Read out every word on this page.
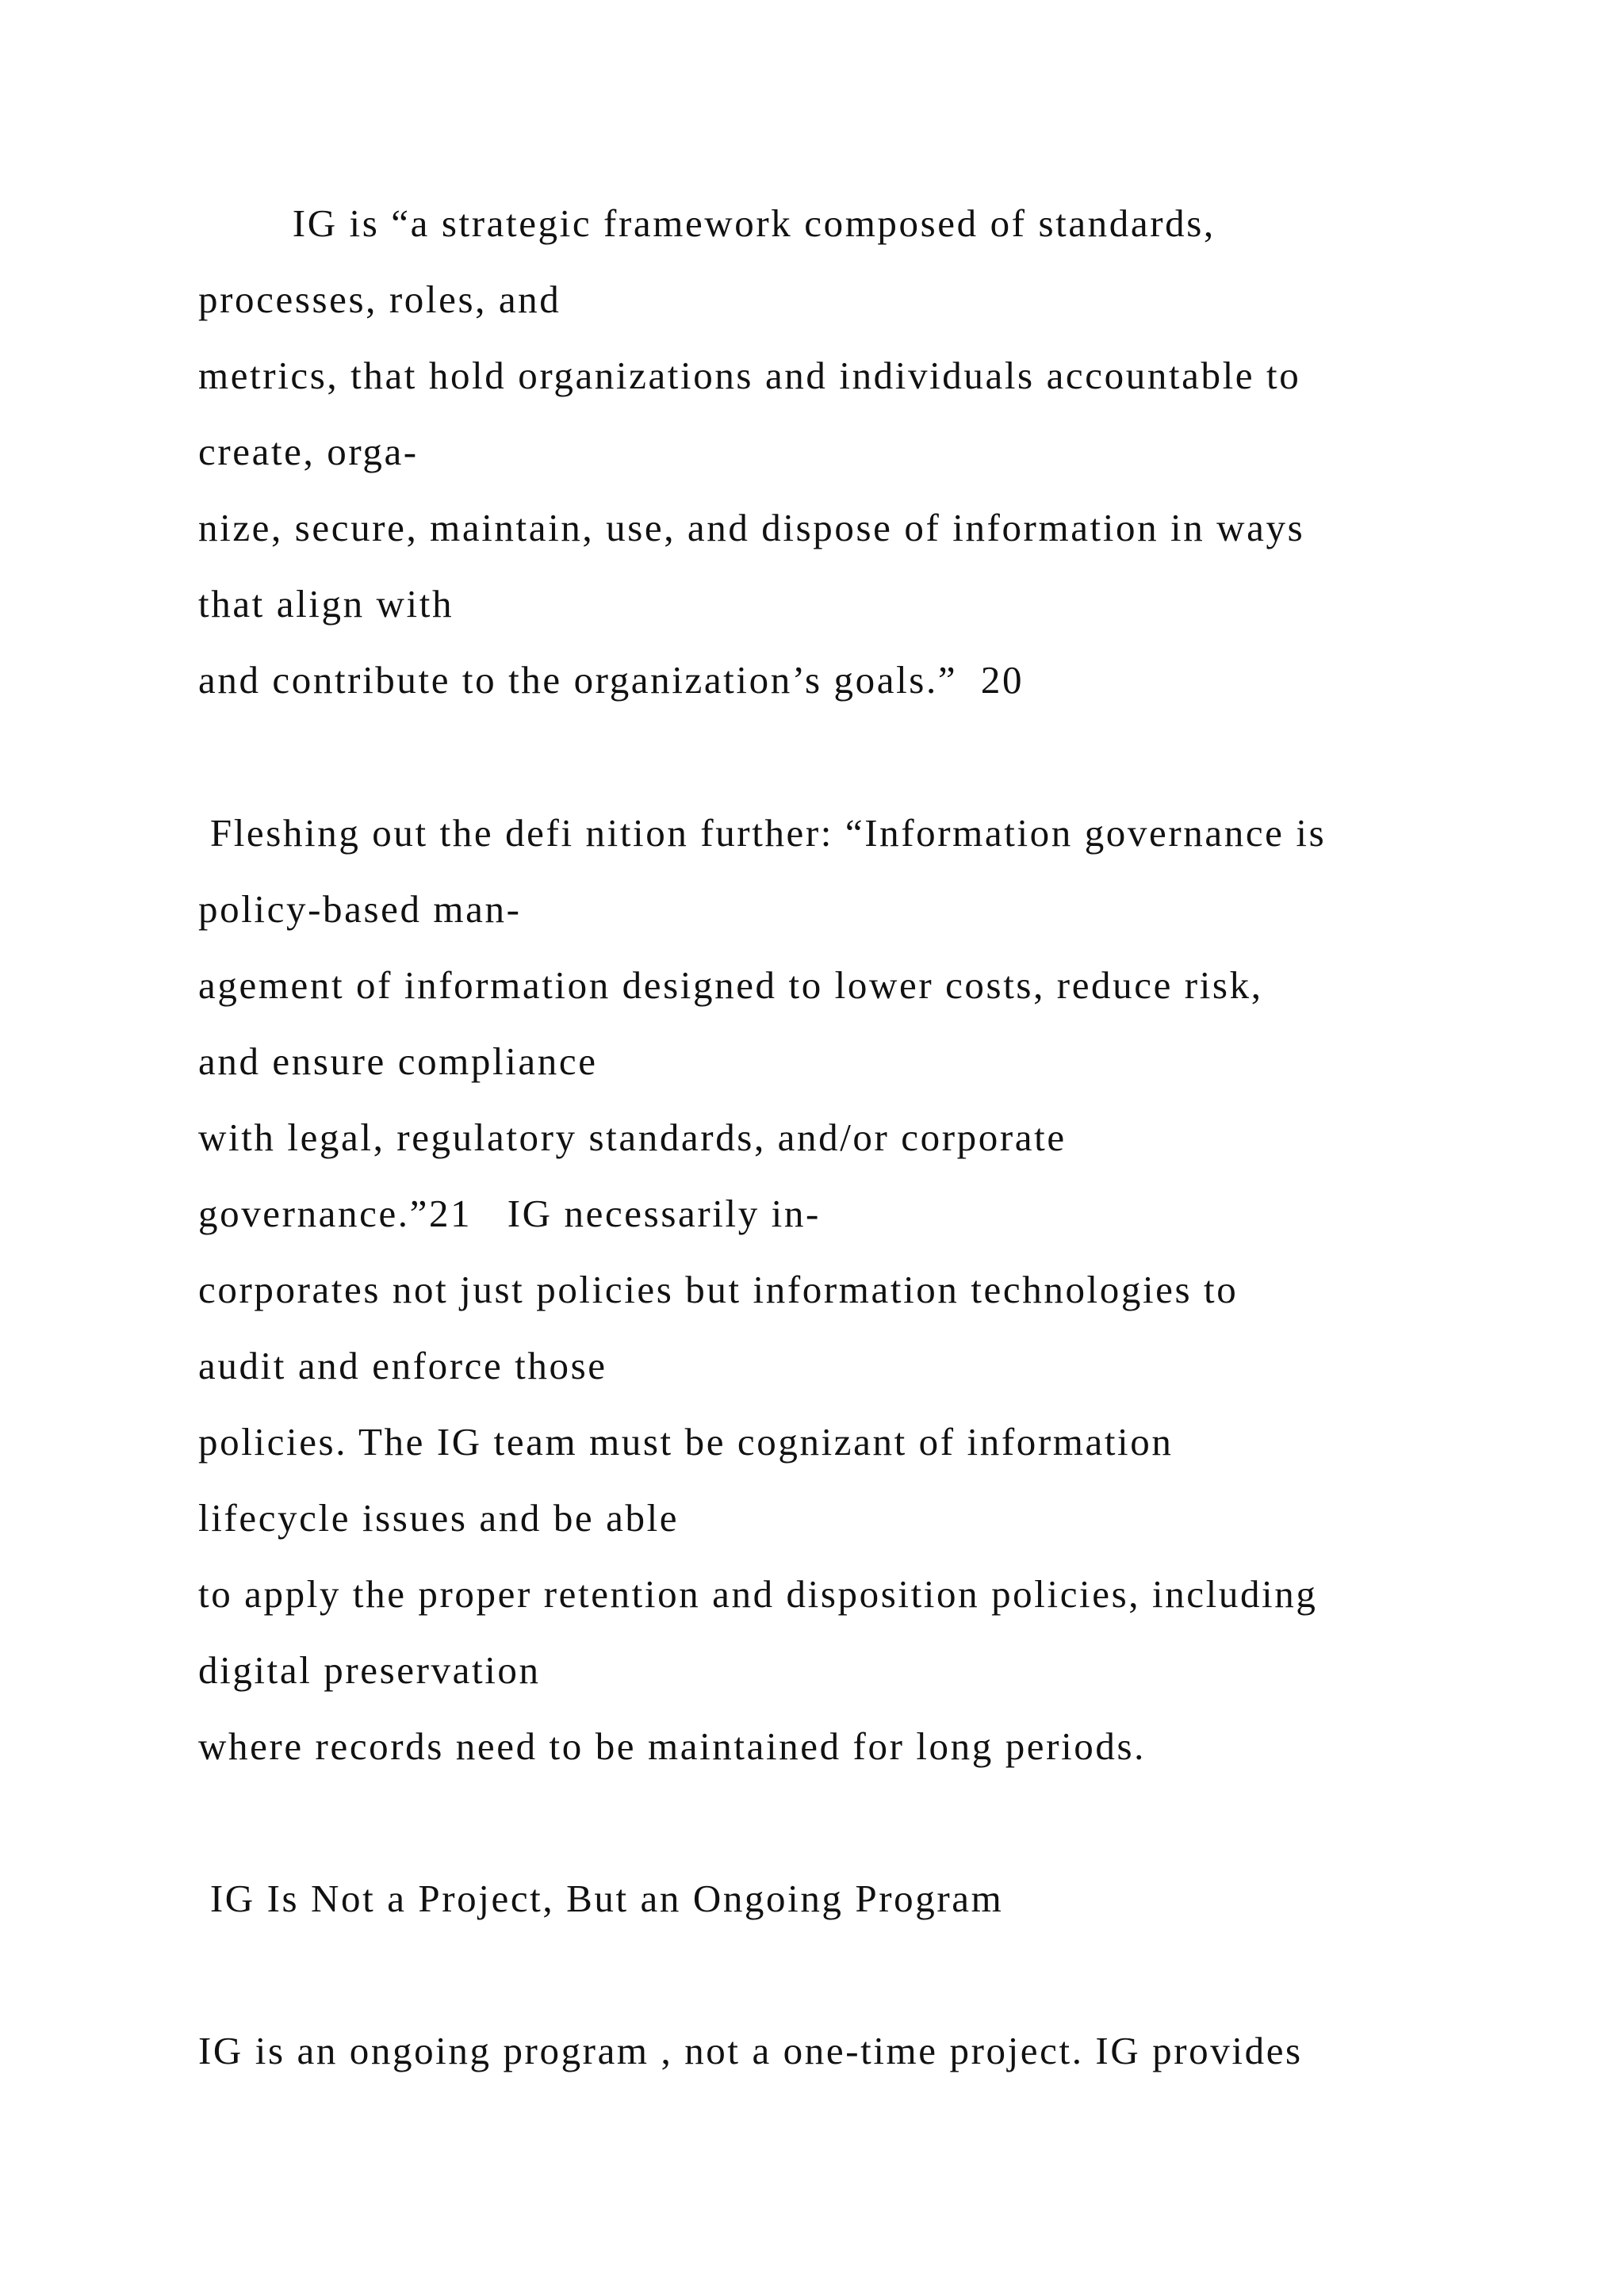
IG is “a strategic framework composed of standards,

processes, roles, and

metrics, that hold organizations and individuals accountable to

create, orga-

nize, secure, maintain, use, and dispose of information in ways

that align with

and contribute to the organization’s goals.”  20

Fleshing out the defi nition further: “Information governance is

policy-based man-

agement of information designed to lower costs, reduce risk,

and ensure compliance

with legal, regulatory standards, and/or corporate

governance.”21   IG necessarily in-

corporates not just policies but information technologies to

audit and enforce those

policies. The IG team must be cognizant of information

lifecycle issues and be able

to apply the proper retention and disposition policies, including

digital preservation

where records need to be maintained for long periods.

IG Is Not a Project, But an Ongoing Program

IG is an ongoing program , not a one-time project. IG provides
